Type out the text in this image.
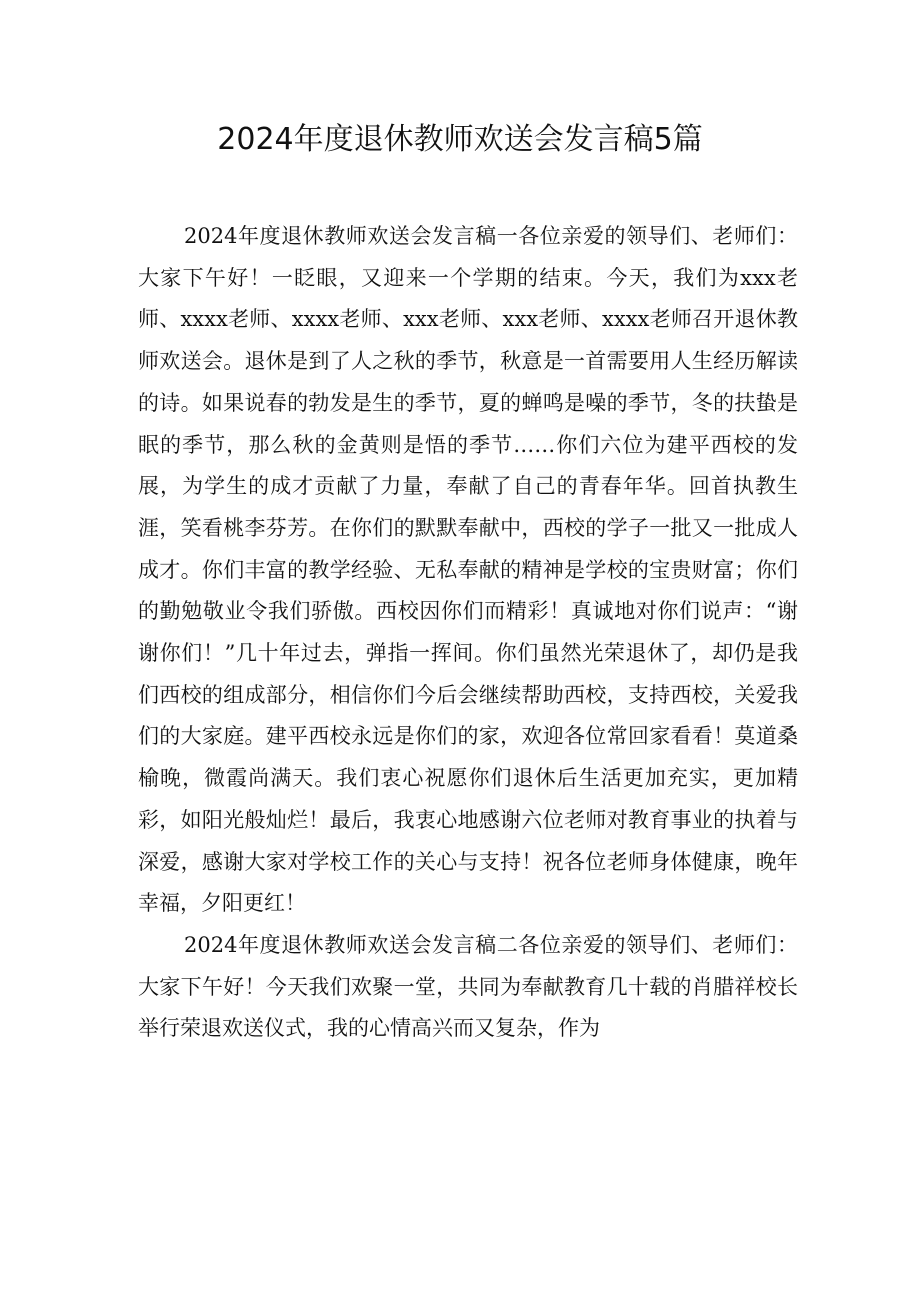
2024年度退休教师欢送会发言稿5篇

2024年度退休教师欢送会发言稿一各位亲爱的领导们、老师们：大家下午好！一眨眼，又迎来一个学期的结束。今天，我们为xxx老师、xxxx老师、xxxx老师、xxx老师、xxx老师、xxxx老师召开退休教师欢送会。退休是到了人之秋的季节，秋意是一首需要用人生经历解读的诗。如果说春的勃发是生的季节，夏的蝉鸣是噪的季节，冬的扶蛰是眠的季节，那么秋的金黄则是悟的季节……你们六位为建平西校的发展，为学生的成才贡献了力量，奉献了自己的青春年华。回首执教生涯，笑看桃李芬芳。在你们的默默奉献中，西校的学子一批又一批成人成才。你们丰富的教学经验、无私奉献的精神是学校的宝贵财富；你们的勤勉敬业令我们骄傲。西校因你们而精彩！真诚地对你们说声：“谢谢你们！”几十年过去，弹指一挥间。你们虽然光荣退休了，却仍是我们西校的组成部分，相信你们今后会继续帮助西校，支持西校，关爱我们的大家庭。建平西校永远是你们的家，欢迎各位常回家看看！莫道桑榆晚，微霞尚满天。我们衷心祝愿你们退休后生活更加充实，更加精彩，如阳光般灿烂！最后，我衷心地感谢六位老师对教育事业的执着与深爱，感谢大家对学校工作的关心与支持！祝各位老师身体健康，晚年幸福，夕阳更红！

2024年度退休教师欢送会发言稿二各位亲爱的领导们、老师们：大家下午好！今天我们欢聚一堂，共同为奉献教育几十载的肖腊祥校长举行荣退欢送仪式，我的心情高兴而又复杂，作为
